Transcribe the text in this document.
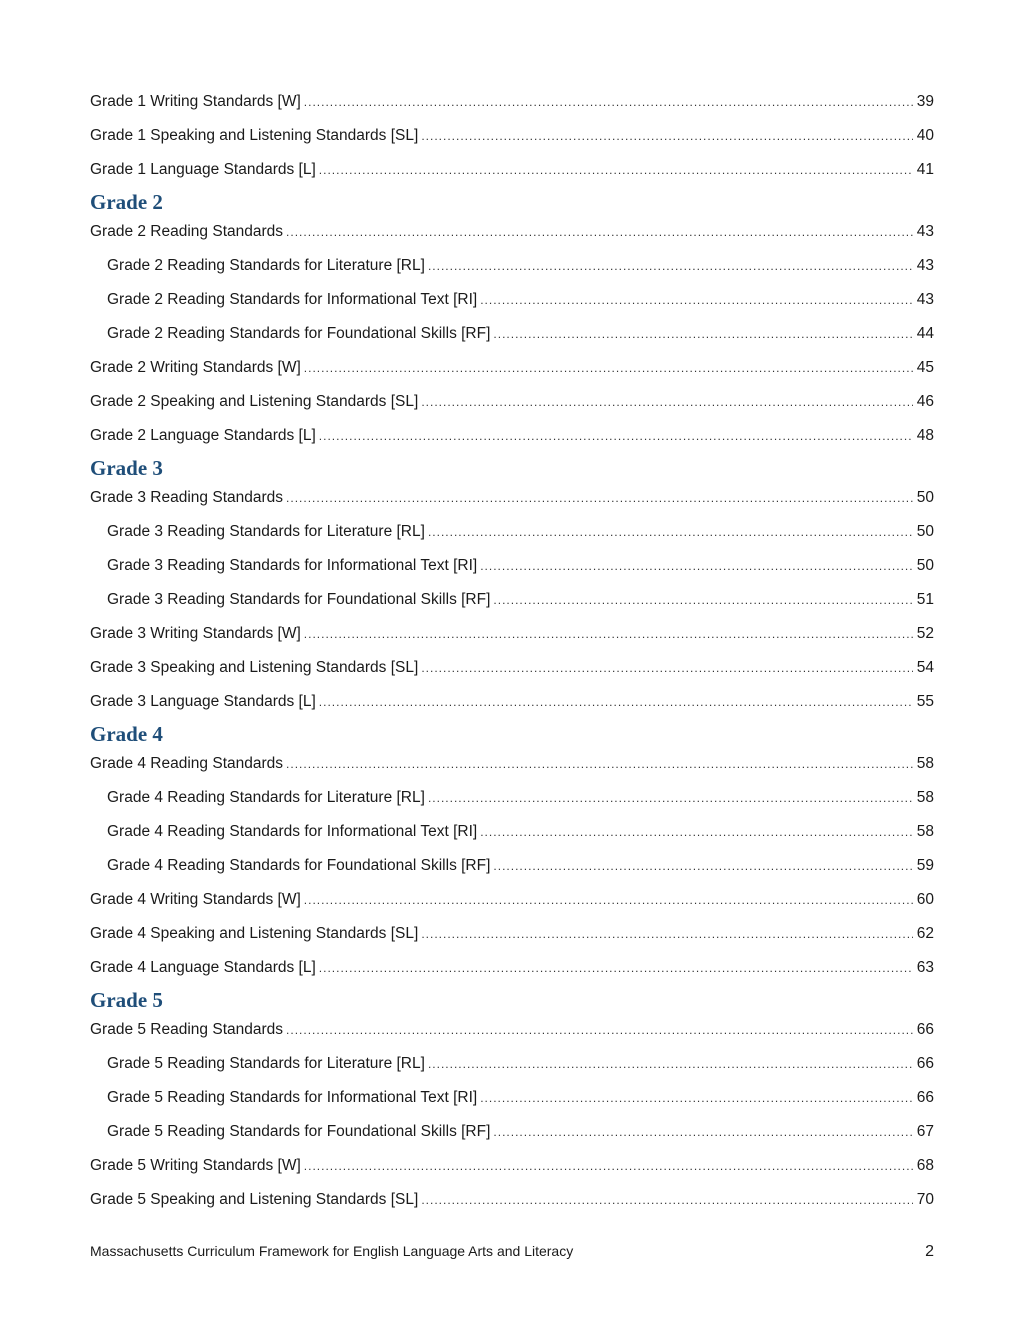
Grade 1 Writing Standards [W] .....	39
Grade 1 Speaking and Listening Standards [SL] .....	40
Grade 1 Language Standards [L] .....	41
Grade 2
Grade 2 Reading Standards .....	43
Grade 2 Reading Standards for Literature [RL] .....	43
Grade 2 Reading Standards for Informational Text [RI] .....	43
Grade 2 Reading Standards for Foundational Skills [RF] .....	44
Grade 2 Writing Standards [W] .....	45
Grade 2 Speaking and Listening Standards [SL] .....	46
Grade 2 Language Standards [L] .....	48
Grade 3
Grade 3 Reading Standards .....	50
Grade 3 Reading Standards for Literature [RL] .....	50
Grade 3 Reading Standards for Informational Text [RI] .....	50
Grade 3 Reading Standards for Foundational Skills [RF] .....	51
Grade 3 Writing Standards [W] .....	52
Grade 3 Speaking and Listening Standards [SL] .....	54
Grade 3 Language Standards [L] .....	55
Grade 4
Grade 4 Reading Standards .....	58
Grade 4 Reading Standards for Literature [RL] .....	58
Grade 4 Reading Standards for Informational Text [RI] .....	58
Grade 4 Reading Standards for Foundational Skills [RF] .....	59
Grade 4 Writing Standards [W] .....	60
Grade 4 Speaking and Listening Standards [SL] .....	62
Grade 4 Language Standards [L] .....	63
Grade 5
Grade 5 Reading Standards .....	66
Grade 5 Reading Standards for Literature [RL] .....	66
Grade 5 Reading Standards for Informational Text [RI] .....	66
Grade 5 Reading Standards for Foundational Skills [RF] .....	67
Grade 5 Writing Standards [W] .....	68
Grade 5 Speaking and Listening Standards [SL] .....	70
Massachusetts Curriculum Framework for English Language Arts and Literacy	2
